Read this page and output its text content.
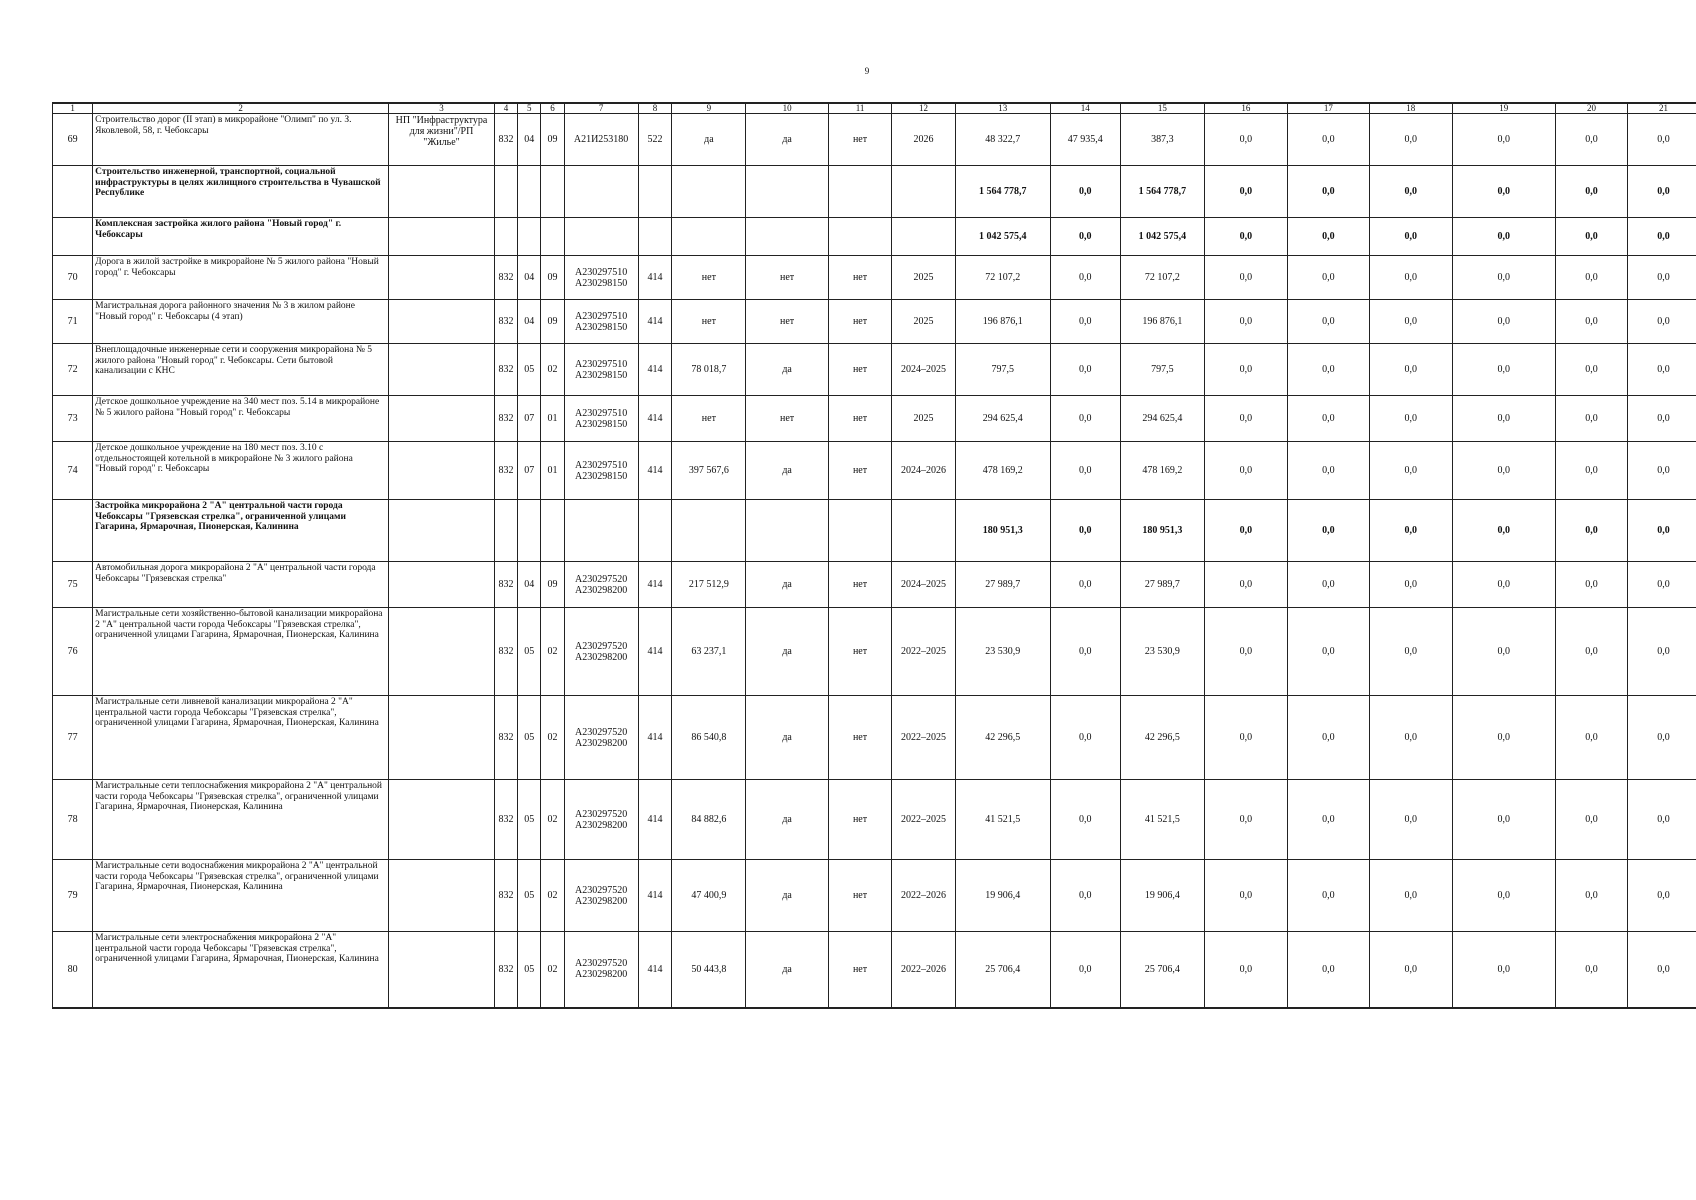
9
1	2	3	4	5	6	7	8	9	10	11	12	13	14	15	16	17	18	19	20	21
69	Строительство дорог (II этап) в микрорайоне "Олимп" по ул. З. Яковлевой, 58, г. Чебоксары	НП "Инфраструктура для жизни"/РП "Жилье"	832	04	09	А21И253180	522	да	да	нет	2026	48 322,7	47 935,4	387,3	0,0	0,0	0,0	0,0	0,0	0,0
	Строительство инженерной, транспортной, социальной инфраструктуры в целях жилищного строительства в Чувашской Республике											1 564 778,7	0,0	1 564 778,7	0,0	0,0	0,0	0,0	0,0	0,0
	Комплексная застройка жилого района "Новый город" г. Чебоксары											1 042 575,4	0,0	1 042 575,4	0,0	0,0	0,0	0,0	0,0	0,0
70	Дорога в жилой застройке в микрорайоне № 5 жилого района "Новый город" г. Чебоксары		832	04	09	А230297510 А230298150	414	нет	нет	нет	2025	72 107,2	0,0	72 107,2	0,0	0,0	0,0	0,0	0,0	0,0
71	Магистральная дорога районного значения № 3 в жилом районе "Новый город" г. Чебоксары (4 этап)		832	04	09	А230297510 А230298150	414	нет	нет	нет	2025	196 876,1	0,0	196 876,1	0,0	0,0	0,0	0,0	0,0	0,0
72	Внеплощадочные инженерные сети и сооружения микрорайона № 5 жилого района "Новый город" г. Чебоксары. Сети бытовой канализации с КНС		832	05	02	А230297510 А230298150	414	78 018,7	да	нет	2024–2025	797,5	0,0	797,5	0,0	0,0	0,0	0,0	0,0	0,0
73	Детское дошкольное учреждение на 340 мест поз. 5.14 в микрорайоне № 5 жилого района "Новый город" г. Чебоксары		832	07	01	А230297510 А230298150	414	нет	нет	нет	2025	294 625,4	0,0	294 625,4	0,0	0,0	0,0	0,0	0,0	0,0
74	Детское дошкольное учреждение на 180 мест поз. 3.10 с отдельностоящей котельной в микрорайоне № 3 жилого района "Новый город" г. Чебоксары		832	07	01	А230297510 А230298150	414	397 567,6	да	нет	2024–2026	478 169,2	0,0	478 169,2	0,0	0,0	0,0	0,0	0,0	0,0
	Застройка микрорайона 2 "А" центральной части города Чебоксары "Грязевская стрелка", ограниченной улицами Гагарина, Ярмарочная, Пионерская, Калинина											180 951,3	0,0	180 951,3	0,0	0,0	0,0	0,0	0,0	0,0
75	Автомобильная дорога микрорайона 2 "А" центральной части города Чебоксары "Грязевская стрелка"		832	04	09	А230297520 А230298200	414	217 512,9	да	нет	2024–2025	27 989,7	0,0	27 989,7	0,0	0,0	0,0	0,0	0,0	0,0
76	Магистральные сети хозяйственно-бытовой канализации микрорайона 2 "А" центральной части города Чебоксары "Грязевская стрелка", ограниченной улицами Гагарина, Ярмарочная, Пионерская, Калинина		832	05	02	А230297520 А230298200	414	63 237,1	да	нет	2022–2025	23 530,9	0,0	23 530,9	0,0	0,0	0,0	0,0	0,0	0,0
77	Магистральные сети ливневой канализации микрорайона 2 "А" центральной части города Чебоксары "Грязевская стрелка", ограниченной улицами Гагарина, Ярмарочная, Пионерская, Калинина		832	05	02	А230297520 А230298200	414	86 540,8	да	нет	2022–2025	42 296,5	0,0	42 296,5	0,0	0,0	0,0	0,0	0,0	0,0
78	Магистральные сети теплоснабжения микрорайона 2 "А" центральной части города Чебоксары "Грязевская стрелка", ограниченной улицами Гагарина, Ярмарочная, Пионерская, Калинина		832	05	02	А230297520 А230298200	414	84 882,6	да	нет	2022–2025	41 521,5	0,0	41 521,5	0,0	0,0	0,0	0,0	0,0	0,0
79	Магистральные сети водоснабжения микрорайона 2 "А" центральной части города Чебоксары "Грязевская стрелка", ограниченной улицами Гагарина, Ярмарочная, Пионерская, Калинина		832	05	02	А230297520 А230298200	414	47 400,9	да	нет	2022–2026	19 906,4	0,0	19 906,4	0,0	0,0	0,0	0,0	0,0	0,0
80	Магистральные сети электроснабжения микрорайона 2 "А" центральной части города Чебоксары "Грязевская стрелка", ограниченной улицами Гагарина, Ярмарочная, Пионерская, Калинина		832	05	02	А230297520 А230298200	414	50 443,8	да	нет	2022–2026	25 706,4	0,0	25 706,4	0,0	0,0	0,0	0,0	0,0	0,0
